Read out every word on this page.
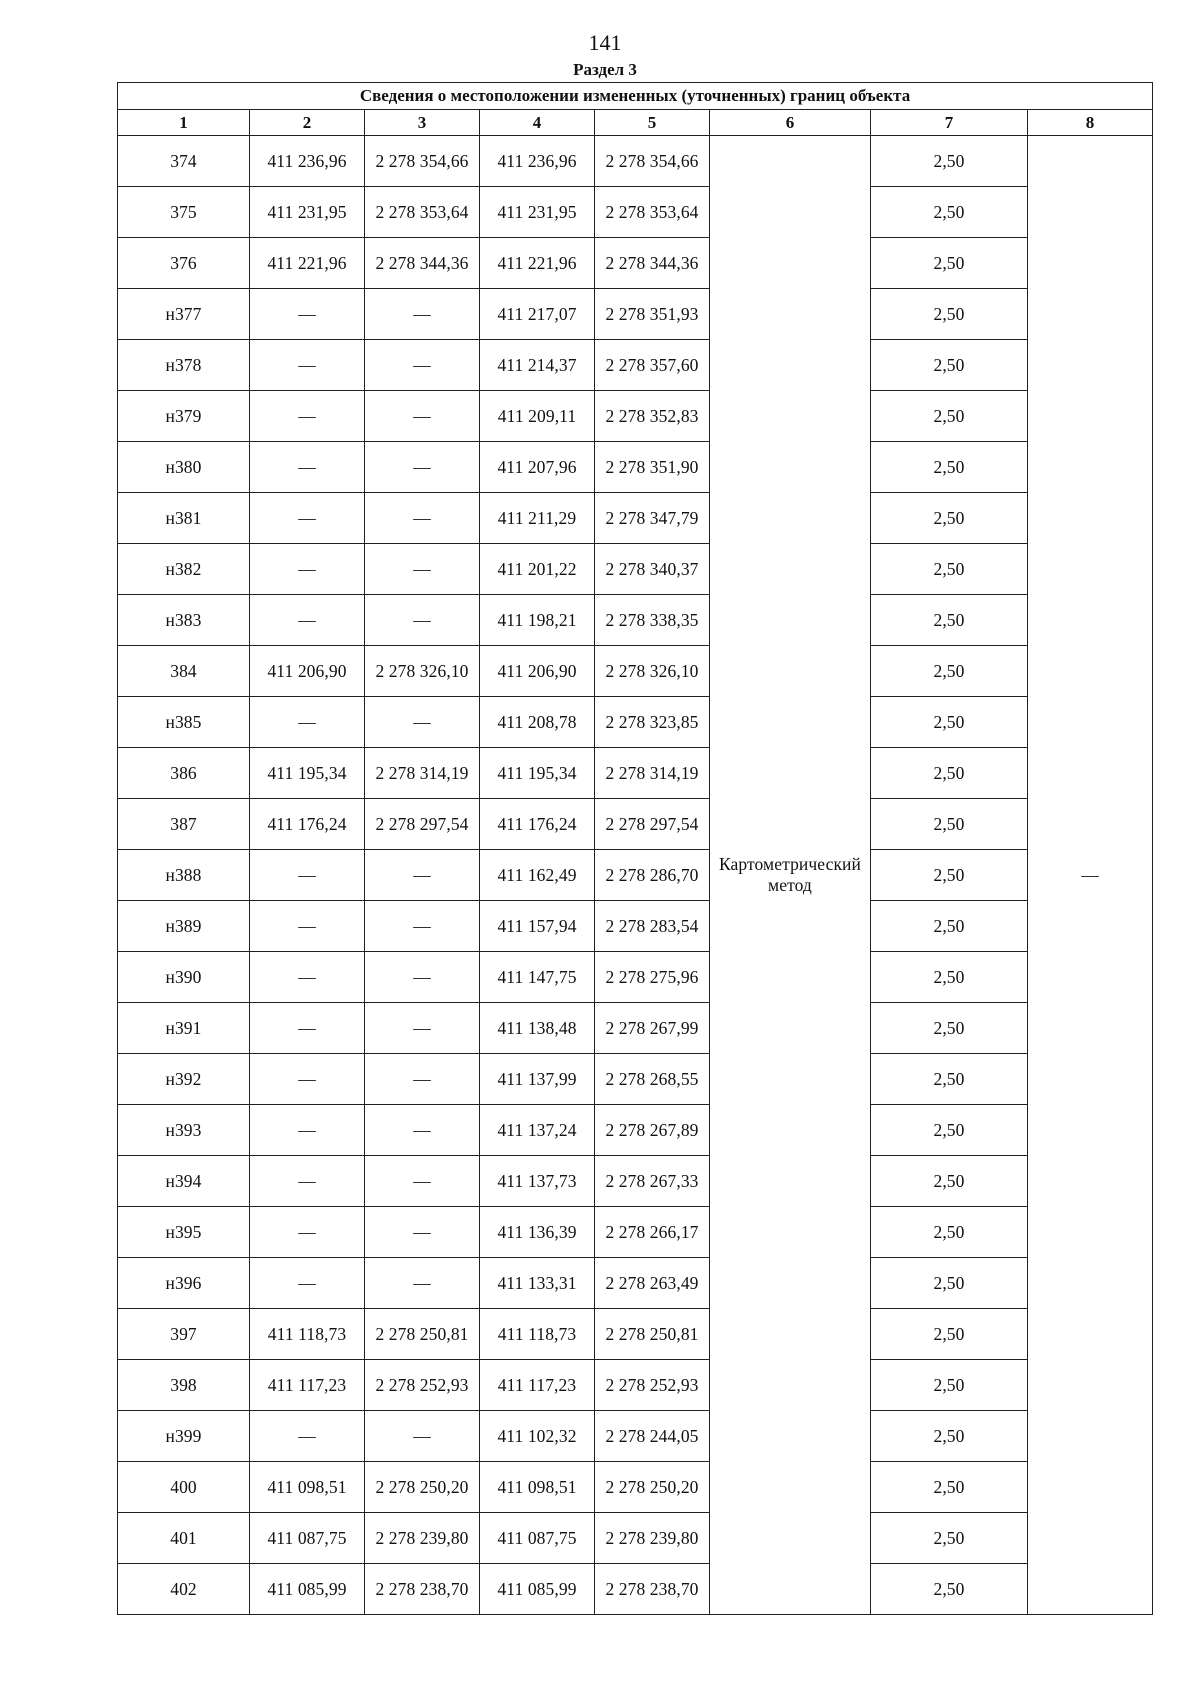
141
Раздел 3
Сведения о местоположении измененных (уточненных) границ объекта							
1	2	3	4	5	6	7	8
374	411 236,96	2 278 354,66	411 236,96	2 278 354,66	Картометрический метод	2,50	—
375	411 231,95	2 278 353,64	411 231,95	2 278 353,64		2,50	
376	411 221,96	2 278 344,36	411 221,96	2 278 344,36		2,50	
н377	—	—	411 217,07	2 278 351,93		2,50	
н378	—	—	411 214,37	2 278 357,60		2,50	
н379	—	—	411 209,11	2 278 352,83		2,50	
н380	—	—	411 207,96	2 278 351,90		2,50	
н381	—	—	411 211,29	2 278 347,79		2,50	
н382	—	—	411 201,22	2 278 340,37		2,50	
н383	—	—	411 198,21	2 278 338,35		2,50	
384	411 206,90	2 278 326,10	411 206,90	2 278 326,10		2,50	
н385	—	—	411 208,78	2 278 323,85		2,50	
386	411 195,34	2 278 314,19	411 195,34	2 278 314,19		2,50	
387	411 176,24	2 278 297,54	411 176,24	2 278 297,54		2,50	
н388	—	—	411 162,49	2 278 286,70		2,50	
н389	—	—	411 157,94	2 278 283,54		2,50	
н390	—	—	411 147,75	2 278 275,96		2,50	
н391	—	—	411 138,48	2 278 267,99		2,50	
н392	—	—	411 137,99	2 278 268,55		2,50	
н393	—	—	411 137,24	2 278 267,89		2,50	
н394	—	—	411 137,73	2 278 267,33		2,50	
н395	—	—	411 136,39	2 278 266,17		2,50	
н396	—	—	411 133,31	2 278 263,49		2,50	
397	411 118,73	2 278 250,81	411 118,73	2 278 250,81		2,50	
398	411 117,23	2 278 252,93	411 117,23	2 278 252,93		2,50	
н399	—	—	411 102,32	2 278 244,05		2,50	
400	411 098,51	2 278 250,20	411 098,51	2 278 250,20		2,50	
401	411 087,75	2 278 239,80	411 087,75	2 278 239,80		2,50	
402	411 085,99	2 278 238,70	411 085,99	2 278 238,70		2,50	
